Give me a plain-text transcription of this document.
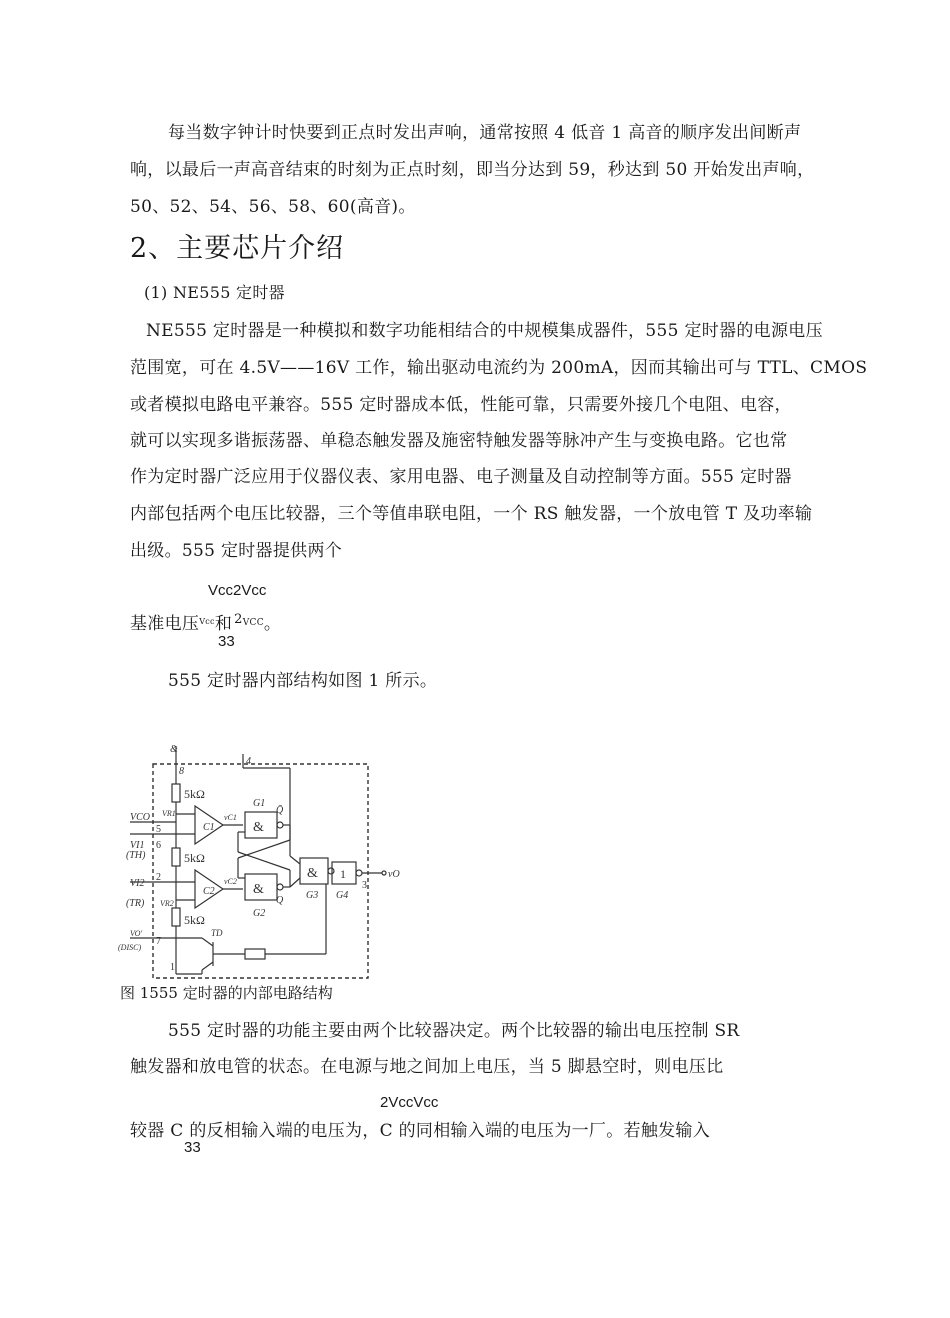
每当数字钟计时快要到正点时发出声响，通常按照 4 低音 1 高音的顺序发出间断声
响，以最后一声高音结束的时刻为正点时刻，即当分达到 59，秒达到 50 开始发出声响，
50、52、54、56、58、60(高音)。
2、主要芯片介绍
(1) NE555 定时器
NE555 定时器是一种模拟和数字功能相结合的中规模集成器件，555 定时器的电源电压
范围宽，可在 4.5V——16V 工作，输出驱动电流约为 200mA，因而其输出可与 TTL、CMOS
或者模拟电路电平兼容。555 定时器成本低，性能可靠，只需要外接几个电阻、电容，
就可以实现多谐振荡器、单稳态触发器及施密特触发器等脉冲产生与变换电路。它也常
作为定时器广泛应用于仪器仪表、家用电器、电子测量及自动控制等方面。555 定时器
内部包括两个电压比较器，三个等值串联电阻，一个 RS 触发器，一个放电管 T 及功率输
出级。555 定时器提供两个
Vcc2Vcc
基准电压$^{Vcc}$和 $^{2VCC}$。
33
555 定时器内部结构如图 1 所示。
&
8
4
5kΩ
5kΩ
5kΩ
VCO VR1
5
VI1
(TH)
6
VI2
(TR)
2
VR2
VO'
(DISC)
7
1
3
C1
C2
vC1
vC2
G1
G2
G3 G4
&
&
& 1
Q̄
Q
TD
vO
图 1555 定时器的内部电路结构
555 定时器的功能主要由两个比较器决定。两个比较器的输出电压控制 SR
触发器和放电管的状态。在电源与地之间加上电压，当 5 脚悬空时，则电压比
2VccVcc
较器 C 的反相输入端的电压为，C 的同相输入端的电压为一厂。若触发输入
33
